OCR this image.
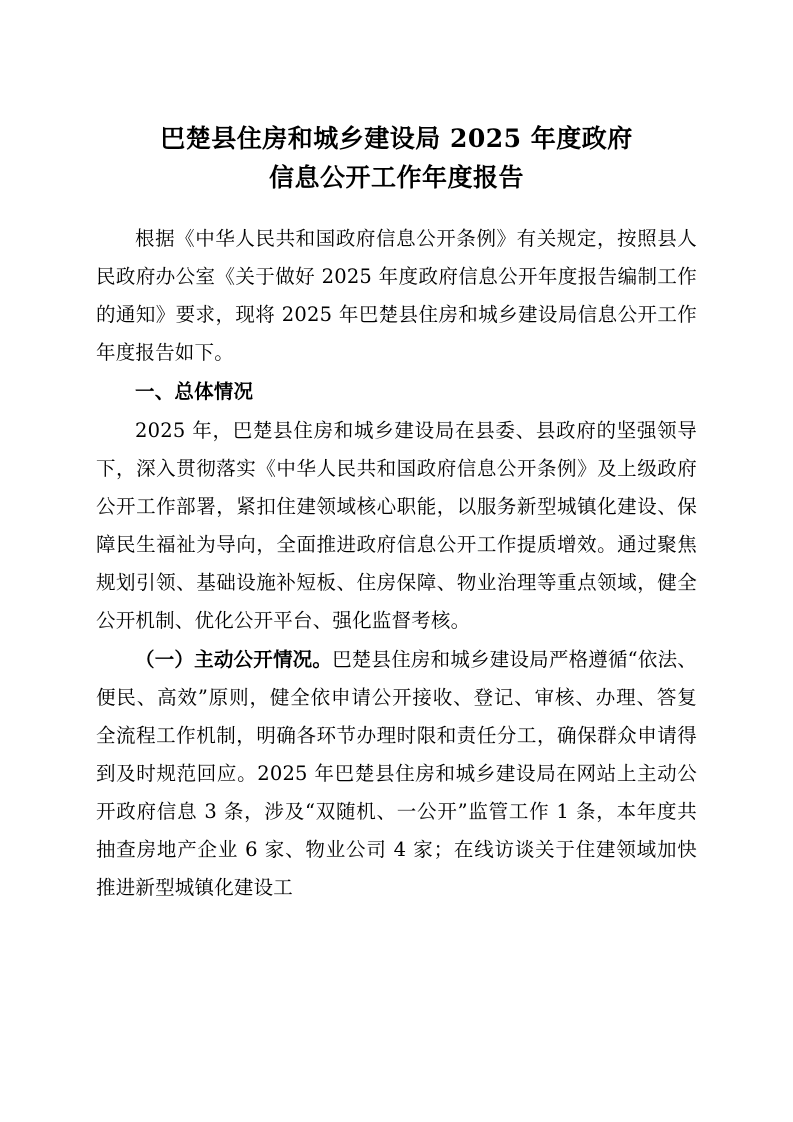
巴楚县住房和城乡建设局 2025 年度政府
信息公开工作年度报告

根据《中华人民共和国政府信息公开条例》有关规定，按照县人民政府办公室《关于做好 2025 年度政府信息公开年度报告编制工作的通知》要求，现将 2025 年巴楚县住房和城乡建设局信息公开工作年度报告如下。

一、总体情况

2025 年，巴楚县住房和城乡建设局在县委、县政府的坚强领导下，深入贯彻落实《中华人民共和国政府信息公开条例》及上级政府公开工作部署，紧扣住建领域核心职能，以服务新型城镇化建设、保障民生福祉为导向，全面推进政府信息公开工作提质增效。通过聚焦规划引领、基础设施补短板、住房保障、物业治理等重点领域，健全公开机制、优化公开平台、强化监督考核。

（一）主动公开情况。巴楚县住房和城乡建设局严格遵循“依法、便民、高效”原则，健全依申请公开接收、登记、审核、办理、答复全流程工作机制，明确各环节办理时限和责任分工，确保群众申请得到及时规范回应。2025 年巴楚县住房和城乡建设局在网站上主动公开政府信息 3 条，涉及“双随机、一公开”监管工作 1 条，本年度共抽查房地产企业 6 家、物业公司 4 家；在线访谈关于住建领域加快推进新型城镇化建设工
